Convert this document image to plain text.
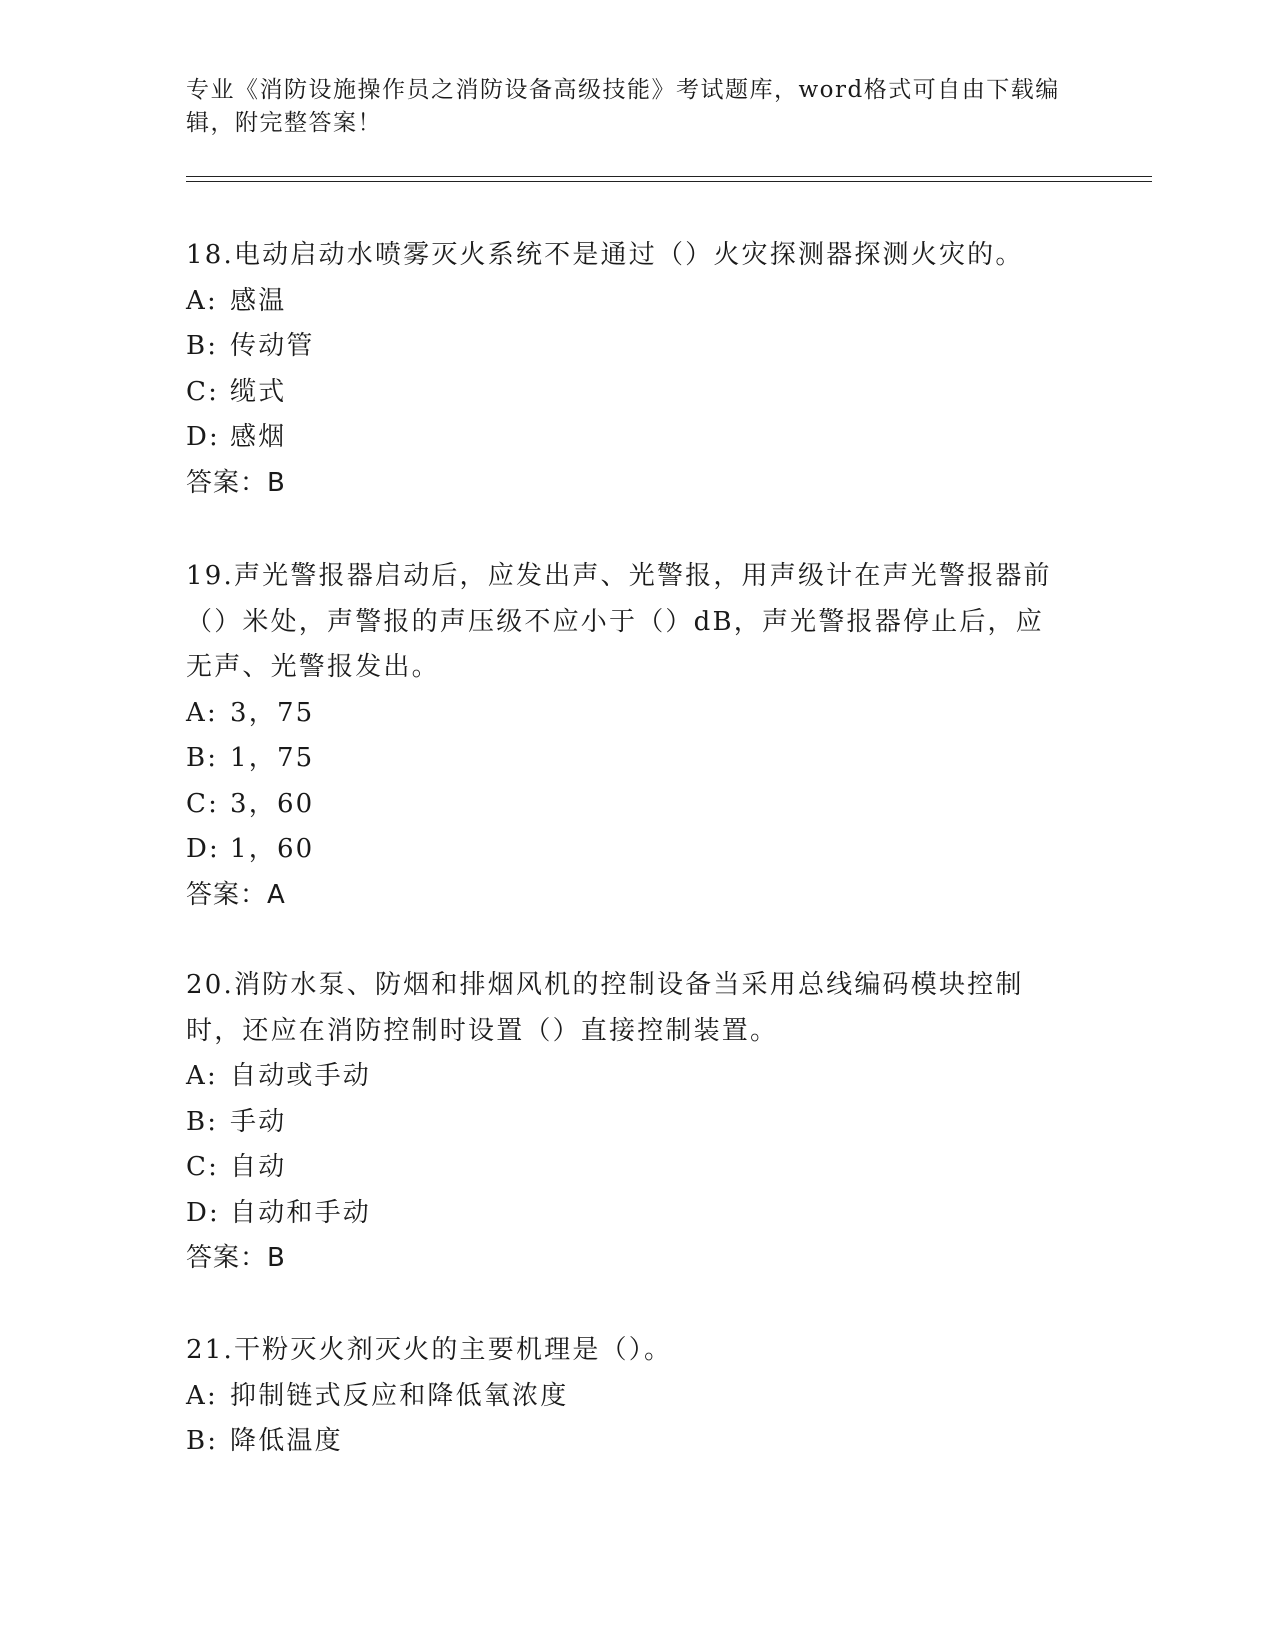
专业《消防设施操作员之消防设备高级技能》考试题库，word格式可自由下载编辑，附完整答案！
18.电动启动水喷雾灭火系统不是通过（）火灾探测器探测火灾的。
A: 感温
B: 传动管
C: 缆式
D: 感烟
答案：B
19.声光警报器启动后，应发出声、光警报，用声级计在声光警报器前（）米处，声警报的声压级不应小于（）dB，声光警报器停止后，应无声、光警报发出。
A: 3，75
B: 1，75
C: 3，60
D: 1，60
答案：A
20.消防水泵、防烟和排烟风机的控制设备当采用总线编码模块控制时，还应在消防控制时设置（）直接控制装置。
A: 自动或手动
B: 手动
C: 自动
D: 自动和手动
答案：B
21.干粉灭火剂灭火的主要机理是（）。
A: 抑制链式反应和降低氧浓度
B: 降低温度
